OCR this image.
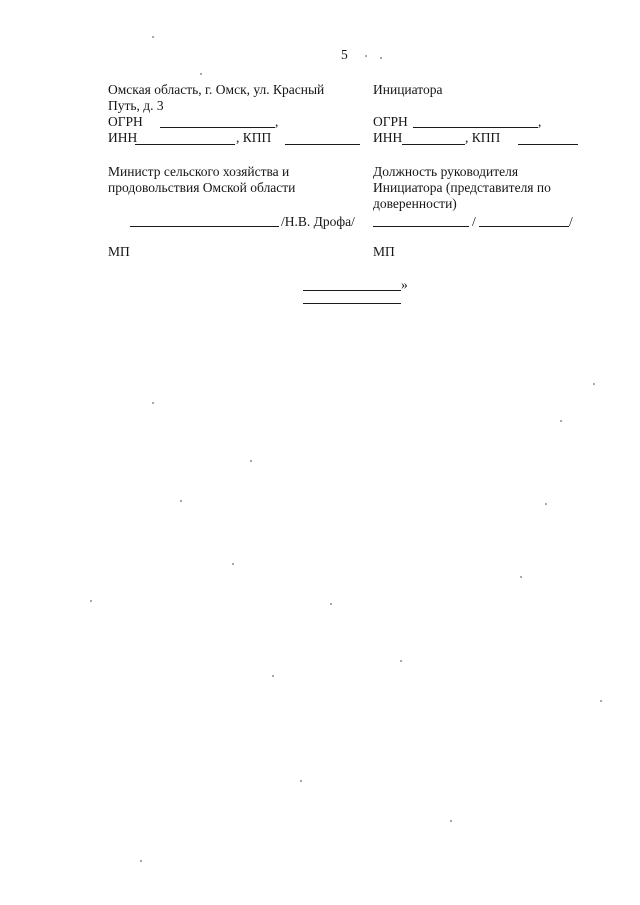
5
Омская область, г. Омск, ул. Красный
Путь, д. 3
ОГРН	,
ИНН	, КПП
Министр сельского хозяйства и
продовольствия Омской области
/Н.В. Дрофа/
МП
Инициатора
ОГРН	,
ИНН	, КПП
Должность руководителя
Инициатора (представителя по
доверенности)
/	/
МП
»
